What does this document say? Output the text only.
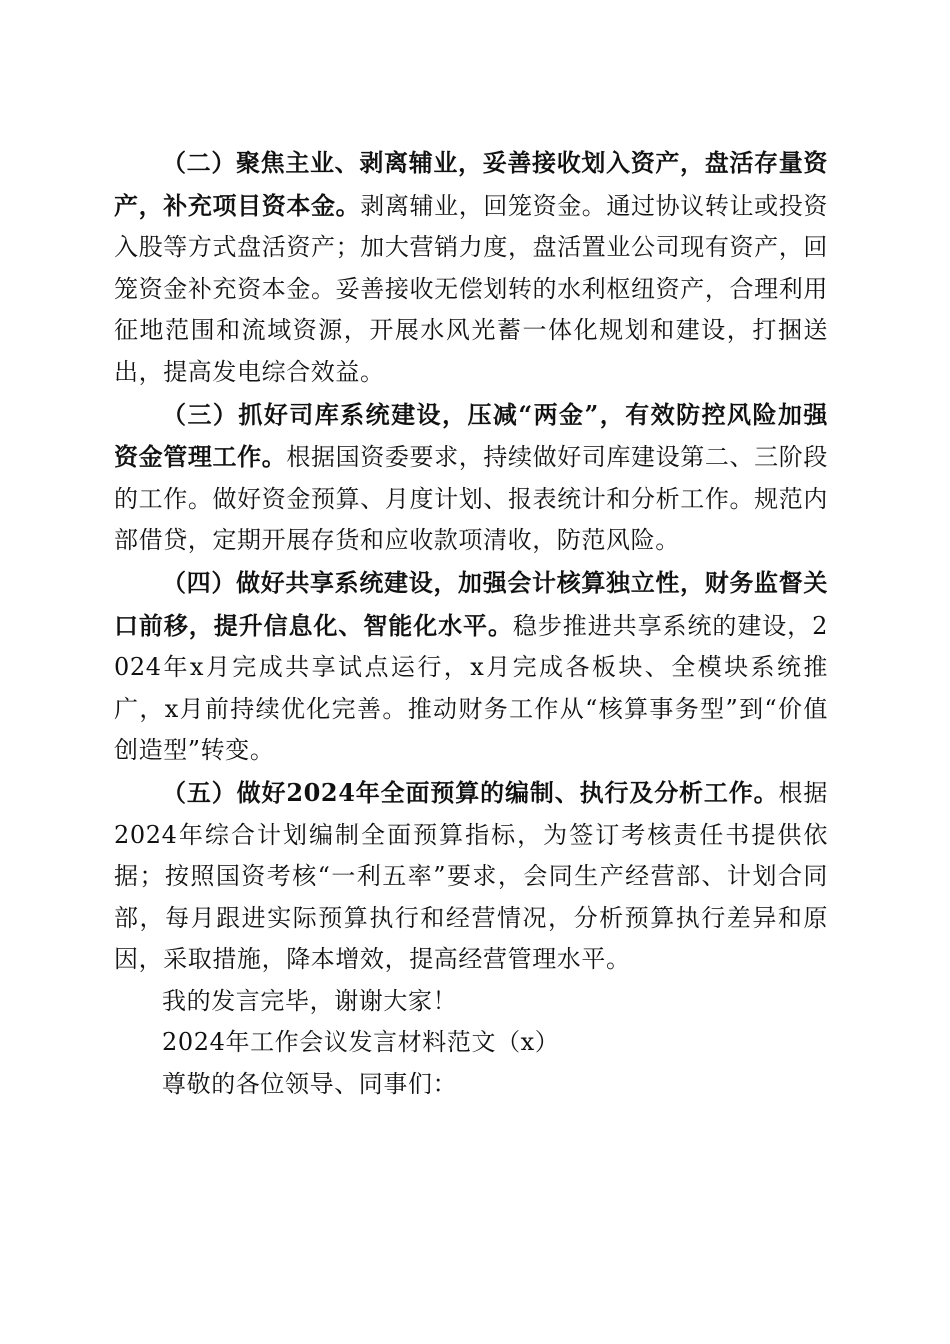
（二）聚焦主业、剥离辅业，妥善接收划入资产，盘活存量资产，补充项目资本金。剥离辅业，回笼资金。通过协议转让或投资入股等方式盘活资产；加大营销力度，盘活置业公司现有资产，回笼资金补充资本金。妥善接收无偿划转的水利枢纽资产，合理利用征地范围和流域资源，开展水风光蓄一体化规划和建设，打捆送出，提高发电综合效益。

（三）抓好司库系统建设，压减“两金”，有效防控风险加强资金管理工作。根据国资委要求，持续做好司库建设第二、三阶段的工作。做好资金预算、月度计划、报表统计和分析工作。规范内部借贷，定期开展存货和应收款项清收，防范风险。

（四）做好共享系统建设，加强会计核算独立性，财务监督关口前移，提升信息化、智能化水平。稳步推进共享系统的建设，2024年x月完成共享试点运行，x月完成各板块、全模块系统推广，x月前持续优化完善。推动财务工作从“核算事务型”到“价值创造型”转变。

（五）做好2024年全面预算的编制、执行及分析工作。根据2024年综合计划编制全面预算指标，为签订考核责任书提供依据；按照国资考核“一利五率”要求，会同生产经营部、计划合同部，每月跟进实际预算执行和经营情况，分析预算执行差异和原因，采取措施，降本增效，提高经营管理水平。

我的发言完毕，谢谢大家！

2024年工作会议发言材料范文（x）

尊敬的各位领导、同事们：
